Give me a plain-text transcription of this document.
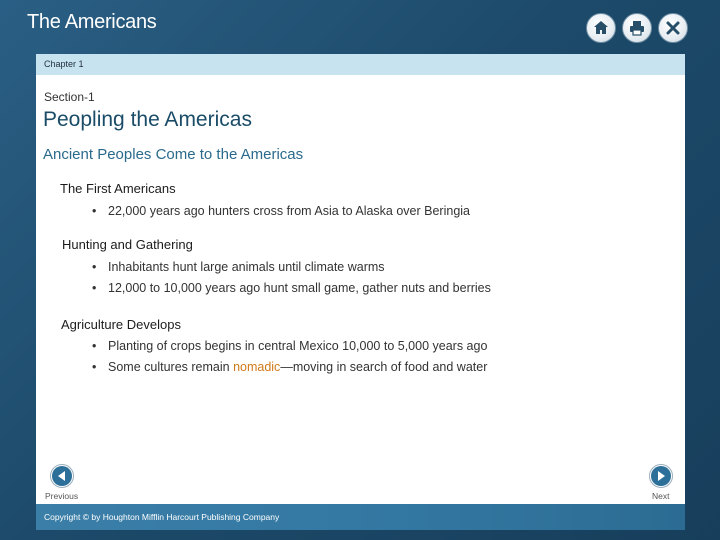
The Americans
Chapter 1
Section-1
Peopling the Americas
Ancient Peoples Come to the Americas
The First Americans
• 22,000 years ago hunters cross from Asia to Alaska over Beringia
Hunting and Gathering
• Inhabitants hunt large animals until climate warms
• 12,000 to 10,000 years ago hunt small game, gather nuts and berries
Agriculture Develops
• Planting of crops begins in central Mexico 10,000 to 5,000 years ago
• Some cultures remain nomadic—moving in search of food and water
Previous	Next
Copyright © by Houghton Mifflin Harcourt Publishing Company
